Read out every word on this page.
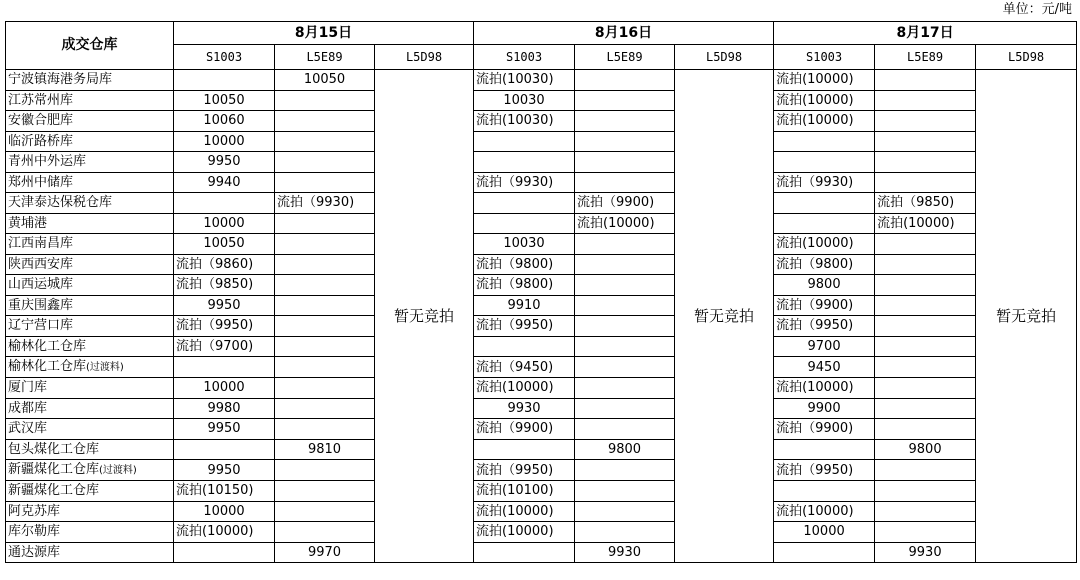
单位：元/吨
成交仓库	8月15日			8月16日			8月17日		
	S1003	L5E89	L5D98	S1003	L5E89	L5D98	S1003	L5E89	L5D98
宁波镇海港务局库		10050	暂无竞拍	流拍(10030)		暂无竞拍	流拍(10000)		暂无竞拍
江苏常州库	10050			10030			流拍(10000)		
安徽合肥库	10060			流拍(10030)			流拍(10000)		
临沂路桥库	10000								
青州中外运库	9950								
郑州中储库	9940			流拍（9930)			流拍（9930)		
天津泰达保税仓库		流拍（9930)			流拍（9900)			流拍（9850)	
黄埔港	10000				流拍(10000)			流拍(10000)	
江西南昌库	10050			10030			流拍(10000)		
陕西西安库	流拍（9860)			流拍（9800)			流拍（9800)		
山西运城库	流拍（9850)			流拍（9800)			9800		
重庆围鑫库	9950			9910			流拍（9900)		
辽宁营口库	流拍（9950)			流拍（9950)			流拍（9950)		
榆林化工仓库	流拍（9700)						9700		
榆林化工仓库(过渡料)				流拍（9450)			9450		
厦门库	10000			流拍(10000)			流拍(10000)		
成都库	9980			9930			9900		
武汉库	9950			流拍（9900)			流拍（9900)		
包头煤化工仓库		9810			9800			9800	
新疆煤化工仓库(过渡料)	9950			流拍（9950)			流拍（9950)		
新疆煤化工仓库	流拍(10150)			流拍(10100)					
阿克苏库	10000			流拍(10000)			流拍(10000)		
库尔勒库	流拍(10000)			流拍(10000)			10000		
通达源库		9970			9930			9930	
